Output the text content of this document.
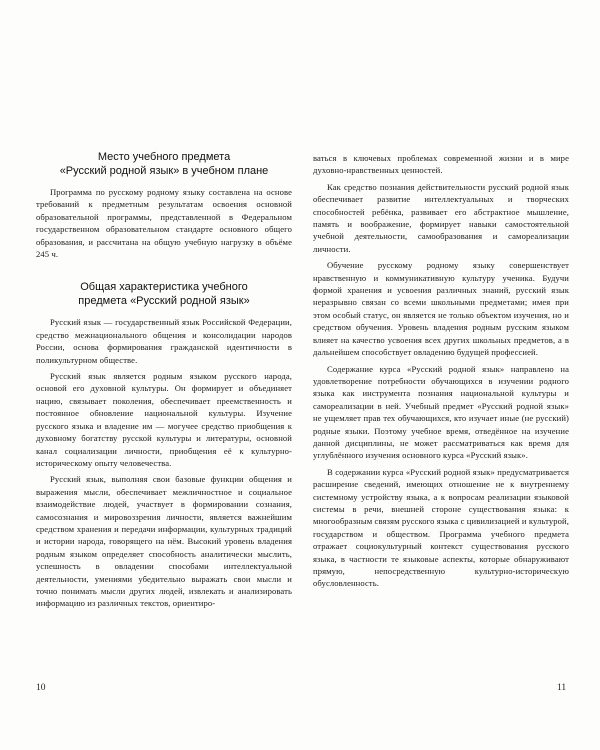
Место учебного предмета
«Русский родной язык» в учебном плане

Программа по русскому родному языку составлена на основе требований к предметным результатам освоения основной образовательной программы, представленной в Федеральном государственном образовательном стандарте основного общего образования, и рассчитана на общую учебную нагрузку в объёме 245 ч.

Общая характеристика учебного
предмета «Русский родной язык»

Русский язык — государственный язык Российской Федерации, средство межнационального общения и консолидации народов России, основа формирования гражданской идентичности в поликультурном обществе.

Русский язык является родным языком русского народа, основой его духовной культуры. Он формирует и объединяет нацию, связывает поколения, обеспечивает преемственность и постоянное обновление национальной культуры. Изучение русского языка и владение им — могучее средство приобщения к духовному богатству русской культуры и литературы, основной канал социализации личности, приобщения её к культурно-историческому опыту человечества.

Русский язык, выполняя свои базовые функции общения и выражения мысли, обеспечивает межличностное и социальное взаимодействие людей, участвует в формировании сознания, самосознания и мировоззрения личности, является важнейшим средством хранения и передачи информации, культурных традиций и истории народа, говорящего на нём. Высокий уровень владения родным языком определяет способность аналитически мыслить, успешность в овладении способами интеллектуальной деятельности, умениями убедительно выражать свои мысли и точно понимать мысли других людей, извлекать и анализировать информацию из различных текстов, ориентиро-

ваться в ключевых проблемах современной жизни и в мире духовно-нравственных ценностей.

Как средство познания действительности русский родной язык обеспечивает развитие интеллектуальных и творческих способностей ребёнка, развивает его абстрактное мышление, память и воображение, формирует навыки самостоятельной учебной деятельности, самообразования и самореализации личности.

Обучение русскому родному языку совершенствует нравственную и коммуникативную культуру ученика. Будучи формой хранения и усвоения различных знаний, русский язык неразрывно связан со всеми школьными предметами; имея при этом особый статус, он является не только объектом изучения, но и средством обучения. Уровень владения родным русским языком влияет на качество усвоения всех других школьных предметов, а в дальнейшем способствует овладению будущей профессией.

Содержание курса «Русский родной язык» направлено на удовлетворение потребности обучающихся в изучении родного языка как инструмента познания национальной культуры и самореализации в ней. Учебный предмет «Русский родной язык» не ущемляет прав тех обучающихся, кто изучает иные (не русский) родные языки. Поэтому учебное время, отведённое на изучение данной дисциплины, не может рассматриваться как время для углублённого изучения основного курса «Русский язык».

В содержании курса «Русский родной язык» предусматривается расширение сведений, имеющих отношение не к внутреннему системному устройству языка, а к вопросам реализации языковой системы в речи, внешней стороне существования языка: к многообразным связям русского языка с цивилизацией и культурой, государством и обществом. Программа учебного предмета отражает социокультурный контекст существования русского языка, в частности те языковые аспекты, которые обнаруживают прямую, непосредственную культурно-историческую обусловленность.

10	11
